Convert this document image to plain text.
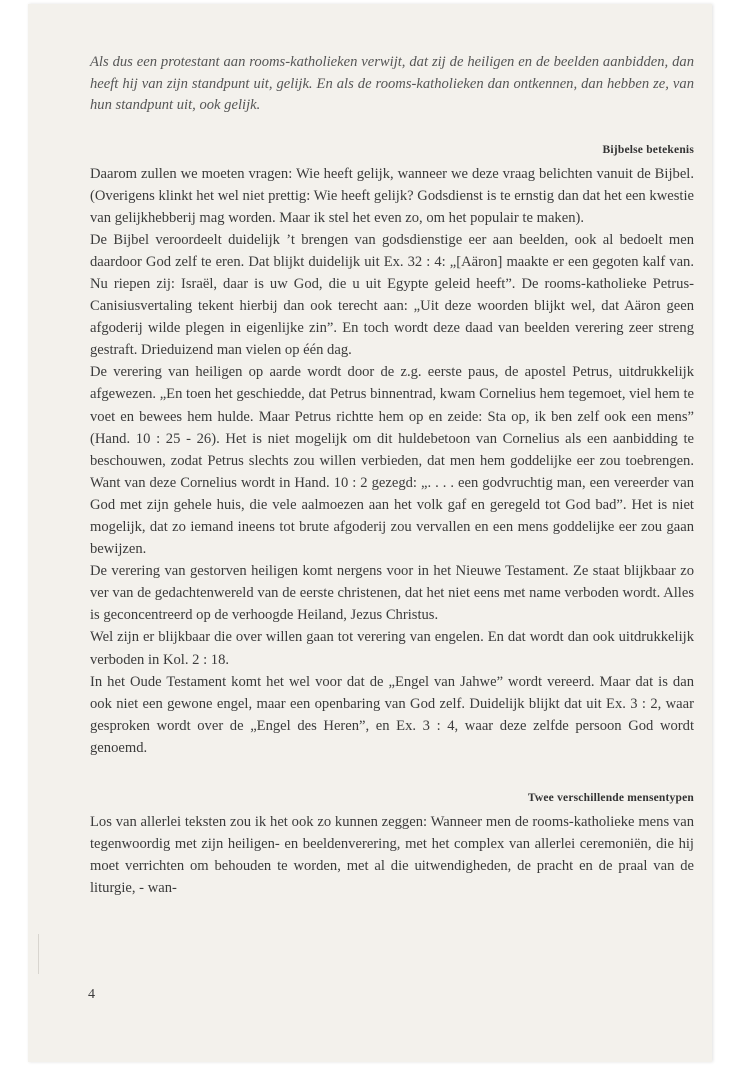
Als dus een protestant aan rooms-katholieken verwijt, dat zij de heiligen en de beelden aanbidden, dan heeft hij van zijn standpunt uit, gelijk. En als de rooms-katholieken dan ontkennen, dan hebben ze, van hun standpunt uit, ook gelijk.

Bijbelse betekenis

Daarom zullen we moeten vragen: Wie heeft gelijk, wanneer we deze vraag belichten vanuit de Bijbel. (Overigens klinkt het wel niet prettig: Wie heeft gelijk? Godsdienst is te ernstig dan dat het een kwestie van gelijkhebberij mag worden. Maar ik stel het even zo, om het populair te maken).

De Bijbel veroordeelt duidelijk ’t brengen van godsdienstige eer aan beelden, ook al bedoelt men daardoor God zelf te eren. Dat blijkt duidelijk uit Ex. 32 : 4: „[Aäron] maakte er een gegoten kalf van. Nu riepen zij: Israël, daar is uw God, die u uit Egypte geleid heeft”. De rooms-katholieke Petrus-Canisiusvertaling tekent hierbij dan ook terecht aan: „Uit deze woorden blijkt wel, dat Aäron geen afgoderij wilde plegen in eigenlijke zin”. En toch wordt deze daad van beelden verering zeer streng gestraft. Drieduizend man vielen op één dag.

De verering van heiligen op aarde wordt door de z.g. eerste paus, de apostel Petrus, uitdrukkelijk afgewezen. „En toen het geschiedde, dat Petrus binnentrad, kwam Cornelius hem tegemoet, viel hem te voet en bewees hem hulde. Maar Petrus richtte hem op en zeide: Sta op, ik ben zelf ook een mens” (Hand. 10 : 25 - 26). Het is niet mogelijk om dit huldebetoon van Cornelius als een aanbidding te beschouwen, zodat Petrus slechts zou willen verbieden, dat men hem goddelijke eer zou toebrengen. Want van deze Cornelius wordt in Hand. 10 : 2 gezegd: „. . . . een godvruchtig man, een vereerder van God met zijn gehele huis, die vele aalmoezen aan het volk gaf en geregeld tot God bad”. Het is niet mogelijk, dat zo iemand ineens tot brute afgoderij zou vervallen en een mens goddelijke eer zou gaan bewijzen.

De verering van gestorven heiligen komt nergens voor in het Nieuwe Testament. Ze staat blijkbaar zo ver van de gedachtenwereld van de eerste christenen, dat het niet eens met name verboden wordt. Alles is geconcentreerd op de verhoogde Heiland, Jezus Christus.

Wel zijn er blijkbaar die over willen gaan tot verering van engelen. En dat wordt dan ook uitdrukkelijk verboden in Kol. 2 : 18.

In het Oude Testament komt het wel voor dat de „Engel van Jahwe” wordt vereerd. Maar dat is dan ook niet een gewone engel, maar een openbaring van God zelf. Duidelijk blijkt dat uit Ex. 3 : 2, waar gesproken wordt over de „Engel des Heren”, en Ex. 3 : 4, waar deze zelfde persoon God wordt genoemd.

Twee verschillende mensentypen

Los van allerlei teksten zou ik het ook zo kunnen zeggen: Wanneer men de rooms-katholieke mens van tegenwoordig met zijn heiligen- en beeldenverering, met het complex van allerlei ceremoniën, die hij moet verrichten om behouden te worden, met al die uitwendigheden, de pracht en de praal van de liturgie, - wan-

4
